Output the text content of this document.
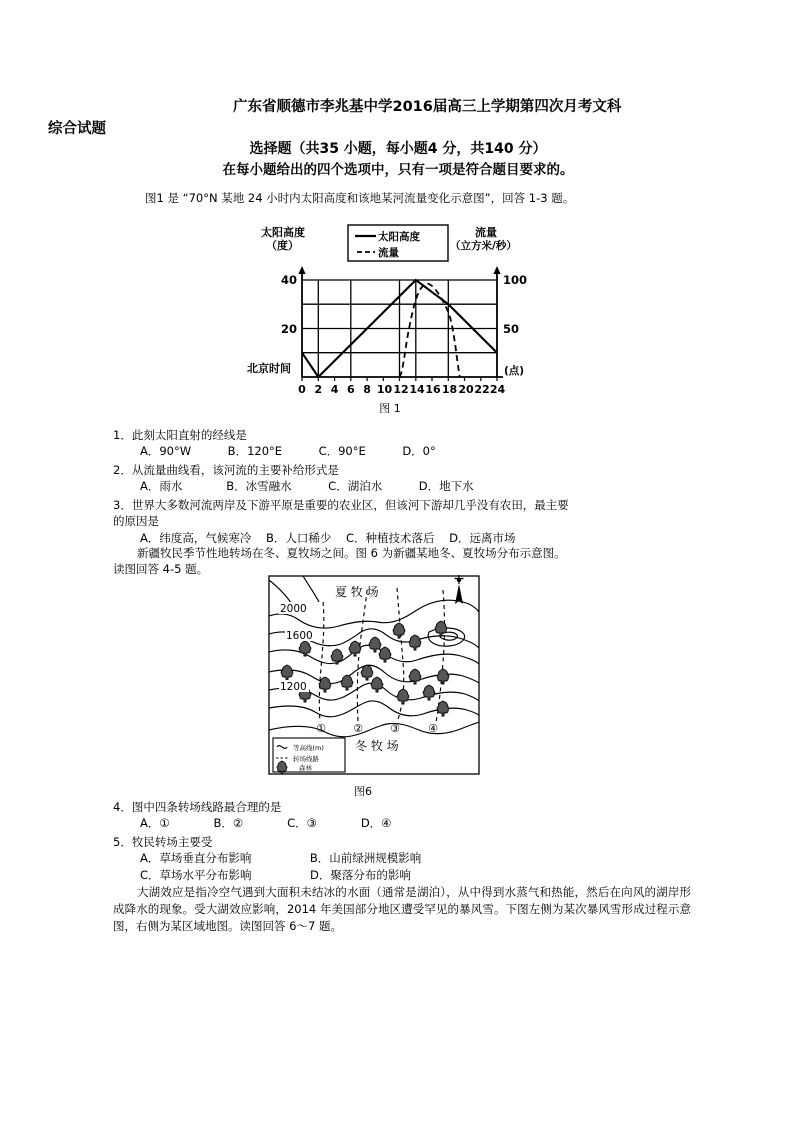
广东省顺德市李兆基中学2016届高三上学期第四次月考文科
综合试题
选择题（共35 小题，每小题4 分，共140 分）
在每小题给出的四个选项中，只有一项是符合题目要求的。
图1 是 “70°N 某地 24 小时内太阳高度和该地某河流量变化示意图”，回答 1-3 题。
太阳高度
（度）
流量
（立方米/秒）
太阳高度
流量
40
20
100
50
北京时间	(点)
0 2 4 6 8 10 12 14 16 18 20 22 24
图 1
1．此刻太阳直射的经线是
A．90°W          B．120°E          C．90°E          D．0°
2．从流量曲线看，该河流的主要补给形式是
A．雨水            B．冰雪融水          C．湖泊水          D．地下水
3．世界大多数河流两岸及下游平原是重要的农业区，但该河下游却几乎没有农田，最主要
的原因是
A．纬度高，气候寒冷    B．人口稀少    C．种植技术落后    D．远离市场
新疆牧民季节性地转场在冬、夏牧场之间。图 6 为新疆某地冬、夏牧场分布示意图。
读图回答 4-5 题。
2000
1600
1200
夏 牧 场
冬 牧 场
① ② ③	④
等高线(m)
转场线路
森林
图6
4．图中四条转场线路最合理的是
A．①            B．②            C．③            D．④
5．牧民转场主要受
A．草场垂直分布影响                B．山前绿洲规模影响
C．草场水平分布影响                D．聚落分布的影响
大湖效应是指冷空气遇到大面积未结冰的水面（通常是湖泊），从中得到水蒸气和热能，然后在向风的湖岸形成降水的现象。受大湖效应影响，2014 年美国部分地区遭受罕见的暴风雪。下图左侧为某次暴风雪形成过程示意图，右侧为某区域地图。读图回答 6～7 题。
